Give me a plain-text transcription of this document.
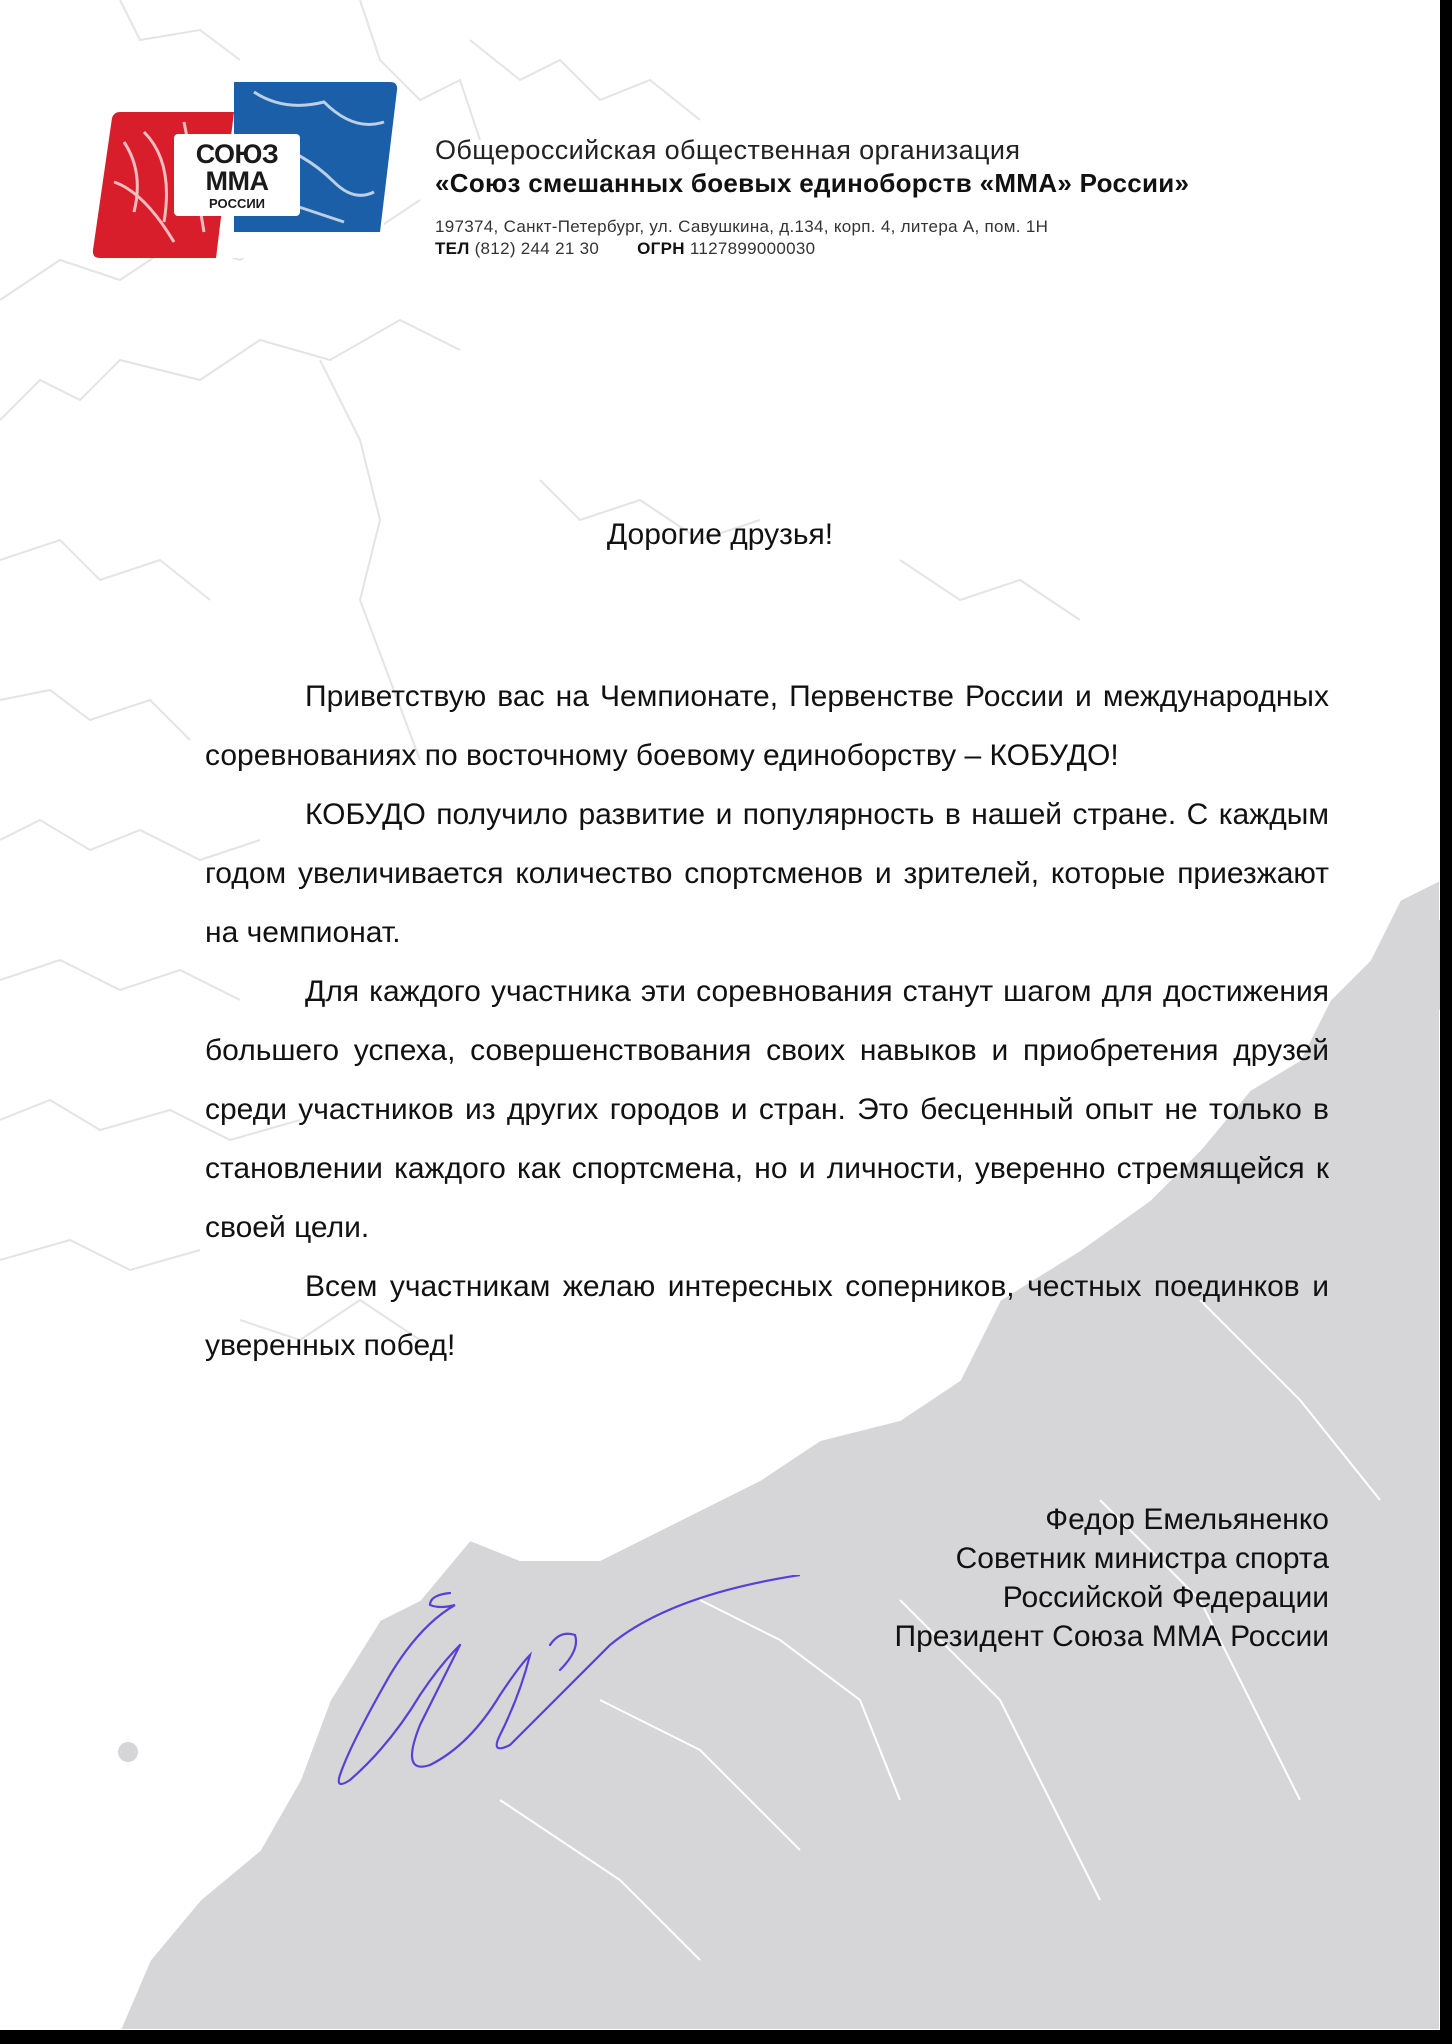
СОЮЗ
ММА
РОССИИ
Общероссийская общественная организация
«Союз смешанных боевых единоборств «ММА» России»
197374, Санкт-Петербург, ул. Савушкина, д.134, корп. 4, литера А, пом. 1Н
ТЕЛ (812) 244 21 30 ОГРН 1127899000030
Дорогие друзья!

Приветствую вас на Чемпионате, Первенстве России и международных соревнованиях по восточному боевому единоборству – КОБУДО!

КОБУДО получило развитие и популярность в нашей стране. С каждым годом увеличивается количество спортсменов и зрителей, которые приезжают на чемпионат.

Для каждого участника эти соревнования станут шагом для достижения большего успеха, совершенствования своих навыков и приобретения друзей среди участников из других городов и стран. Это бесценный опыт не только в становлении каждого как спортсмена, но и личности, уверенно стремящейся к своей цели.

Всем участникам желаю интересных соперников, честных поединков и уверенных побед!

Федор Емельяненко
Советник министра спорта
Российской Федерации
Президент Союза ММА России
